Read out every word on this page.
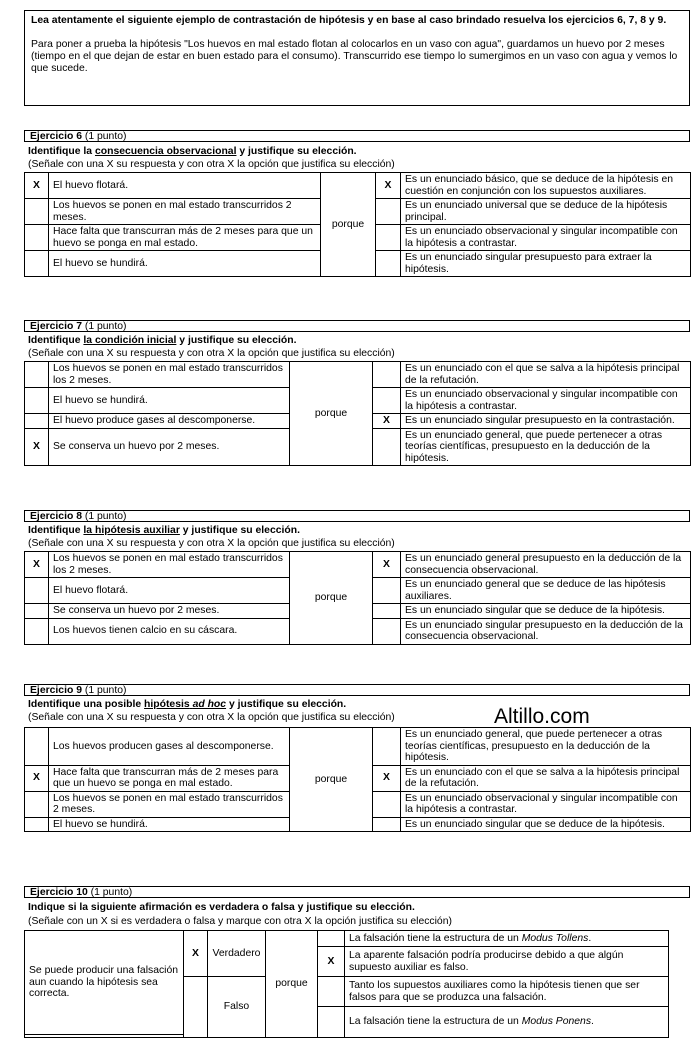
Lea atentamente el siguiente ejemplo de contrastación de hipótesis y en base al caso brindado resuelva los ejercicios 6, 7, 8 y 9.

Para poner a prueba la hipótesis "Los huevos en mal estado flotan al colocarlos en un vaso con agua", guardamos un huevo por 2 meses (tiempo en el que dejan de estar en buen estado para el consumo). Transcurrido ese tiempo lo sumergimos en un vaso con agua y vemos lo que sucede.

Ejercicio 6 (1 punto)
Identifique la consecuencia observacional y justifique su elección.
(Señale con una X su respuesta y con otra X la opción que justifica su elección)
X	El huevo flotará.	porque	X	Es un enunciado básico, que se deduce de la hipótesis en cuestión en conjunción con los supuestos auxiliares.
	Los huevos se ponen en mal estado transcurridos 2 meses.			Es un enunciado universal que se deduce de la hipótesis principal.
	Hace falta que transcurran más de 2 meses para que un huevo se ponga en mal estado.			Es un enunciado observacional y singular incompatible con la hipótesis a contrastar.
	El huevo se hundirá.			Es un enunciado singular presupuesto para extraer la hipótesis.
Ejercicio 7 (1 punto)
Identifique la condición inicial y justifique su elección.
(Señale con una X su respuesta y con otra X la opción que justifica su elección)
	Los huevos se ponen en mal estado transcurridos los 2 meses.	porque		Es un enunciado con el que se salva a la hipótesis principal de la refutación.
	El huevo se hundirá.			Es un enunciado observacional y singular incompatible con la hipótesis a contrastar.
	El huevo produce gases al descomponerse.		X	Es un enunciado singular presupuesto en la contrastación.
X	Se conserva un huevo por 2 meses.			Es un enunciado general, que puede pertenecer a otras teorías científicas, presupuesto en la deducción de la hipótesis.
Ejercicio 8 (1 punto)
Identifique la hipótesis auxiliar y justifique su elección.
(Señale con una X su respuesta y con otra X la opción que justifica su elección)
X	Los huevos se ponen en mal estado transcurridos los 2 meses.	porque	X	Es un enunciado general presupuesto en la deducción de la consecuencia observacional.
	El huevo flotará.			Es un enunciado general que se deduce de las hipótesis auxiliares.
	Se conserva un huevo por 2 meses.			Es un enunciado singular que se deduce de la hipótesis.
	Los huevos tienen calcio en su cáscara.			Es un enunciado singular presupuesto en la deducción de la consecuencia observacional.
Ejercicio 9 (1 punto)
Identifique una posible hipótesis ad hoc y justifique su elección.
(Señale con una X su respuesta y con otra X la opción que justifica su elección)	Altillo.com
	Los huevos producen gases al descomponerse.	porque		Es un enunciado general, que puede pertenecer a otras teorías científicas, presupuesto en la deducción de la hipótesis.
X	Hace falta que transcurran más de 2 meses para que un huevo se ponga en mal estado.		X	Es un enunciado con el que se salva a la hipótesis principal de la refutación.
	Los huevos se ponen en mal estado transcurridos 2 meses.			Es un enunciado observacional y singular incompatible con la hipótesis a contrastar.
	El huevo se hundirá.			Es un enunciado singular que se deduce de la hipótesis.
Ejercicio 10 (1 punto)
Indique si la siguiente afirmación es verdadera o falsa y justifique su elección.
(Señale con un X si es verdadera o falsa y marque con otra X la opción justifica su elección)
Se puede producir una falsación aun cuando la hipótesis sea correcta.	X	Verdadero	porque		La falsación tiene la estructura de un Modus Tollens.
				X	La aparente falsación podría producirse debido a que algún supuesto auxiliar es falso.
		Falso			Tanto los supuestos auxiliares como la hipótesis tienen que ser falsos para que se produzca una falsación.
					La falsación tiene la estructura de un Modus Ponens.
